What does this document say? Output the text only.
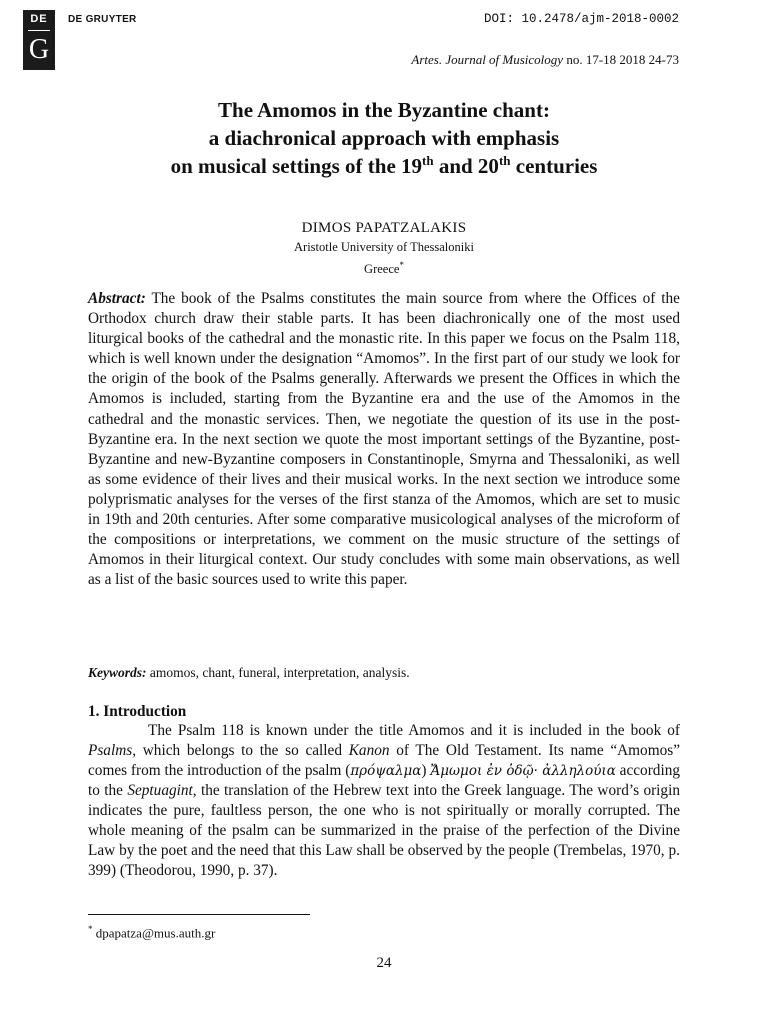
DE
G
DE GRUYTER	DOI: 10.2478/ajm-2018-0002
Artes. Journal of Musicology no. 17-18 2018 24-73
The Amomos in the Byzantine chant:
a diachronical approach with emphasis
on musical settings of the 19th and 20th centuries
DIMOS PAPATZALAKIS
Aristotle University of Thessaloniki
Greece*

Abstract: The book of the Psalms constitutes the main source from where the Offices of the Orthodox church draw their stable parts. It has been diachronically one of the most used liturgical books of the cathedral and the monastic rite. In this paper we focus on the Psalm 118, which is well known under the designation “Amomos”. In the first part of our study we look for the origin of the book of the Psalms generally. Afterwards we present the Offices in which the Amomos is included, starting from the Byzantine era and the use of the Amomos in the cathedral and the monastic services. Then, we negotiate the question of its use in the post-Byzantine era. In the next section we quote the most important settings of the Byzantine, post-Byzantine and new-Byzantine composers in Constantinople, Smyrna and Thessaloniki, as well as some evidence of their lives and their musical works. In the next section we introduce some polyprismatic analyses for the verses of the first stanza of the Amomos, which are set to music in 19th and 20th centuries. After some comparative musicological analyses of the microform of the compositions or interpretations, we comment on the music structure of the settings of Amomos in their liturgical context. Our study concludes with some main observations, as well as a list of the basic sources used to write this paper.

Keywords: amomos, chant, funeral, interpretation, analysis.
1. Introduction

The Psalm 118 is known under the title Amomos and it is included in the book of Psalms, which belongs to the so called Kanon of The Old Testament. Its name “Amomos” comes from the introduction of the psalm (πρόψαλμα) Ἄμωμοι ἐν ὁδῷ· ἀλληλούια according to the Septuagint, the translation of the Hebrew text into the Greek language. The word’s origin indicates the pure, faultless person, the one who is not spiritually or morally corrupted. The whole meaning of the psalm can be summarized in the praise of the perfection of the Divine Law by the poet and the need that this Law shall be observed by the people (Trembelas, 1970, p. 399) (Theodorou, 1990, p. 37).

* dpapatza@mus.auth.gr
24
